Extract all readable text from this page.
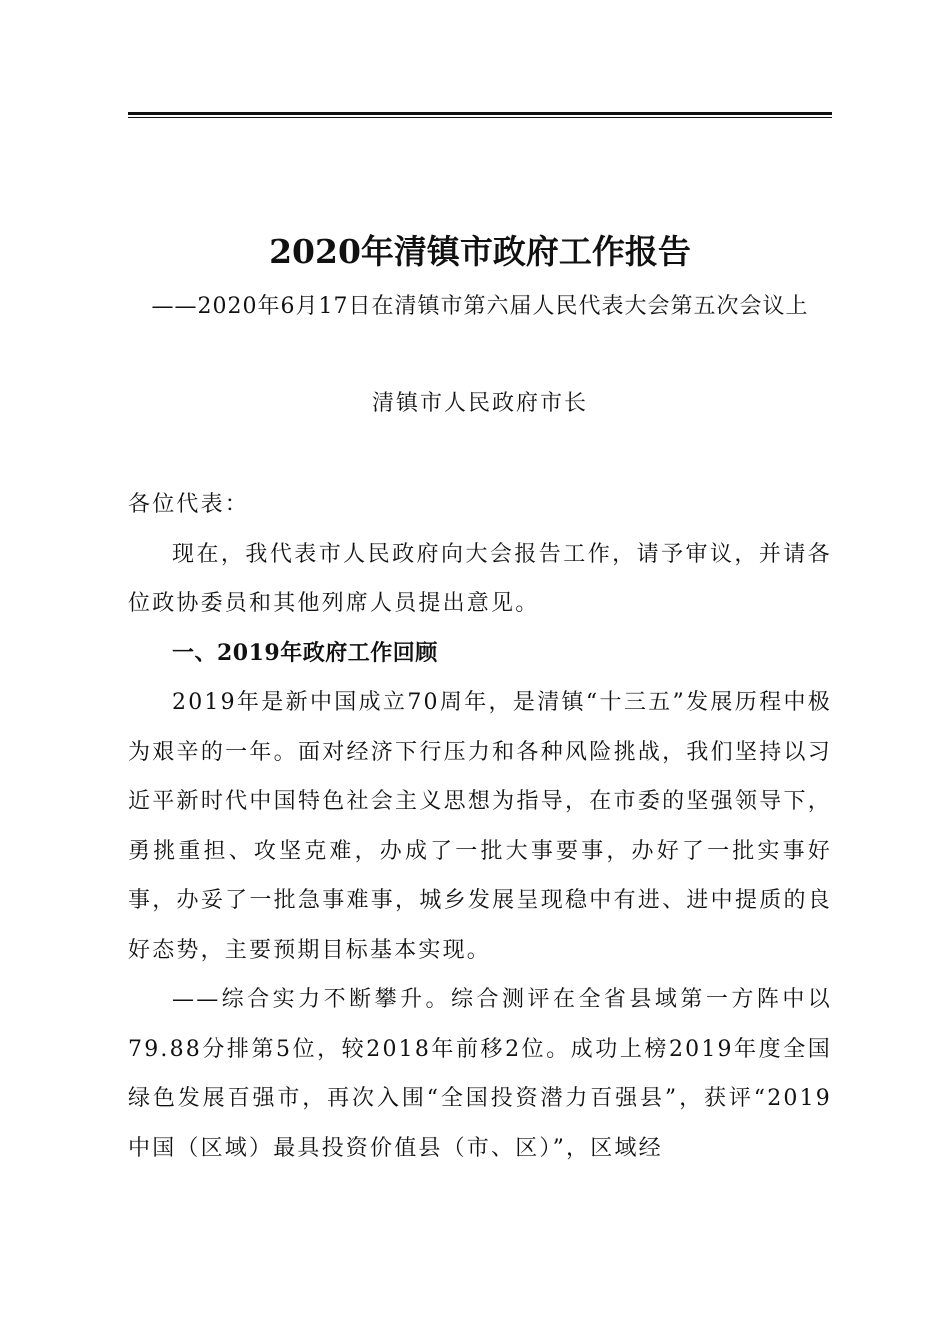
2020年清镇市政府工作报告
——2020年6月17日在清镇市第六届人民代表大会第五次会议上
清镇市人民政府市长

各位代表：

现在，我代表市人民政府向大会报告工作，请予审议，并请各位政协委员和其他列席人员提出意见。

一、2019年政府工作回顾

2019年是新中国成立70周年，是清镇“十三五”发展历程中极为艰辛的一年。面对经济下行压力和各种风险挑战，我们坚持以习近平新时代中国特色社会主义思想为指导，在市委的坚强领导下，勇挑重担、攻坚克难，办成了一批大事要事，办好了一批实事好事，办妥了一批急事难事，城乡发展呈现稳中有进、进中提质的良好态势，主要预期目标基本实现。

——综合实力不断攀升。综合测评在全省县域第一方阵中以79.88分排第5位，较2018年前移2位。成功上榜2019年度全国绿色发展百强市，再次入围“全国投资潜力百强县”，获评“2019中国（区域）最具投资价值县（市、区）”，区域经
